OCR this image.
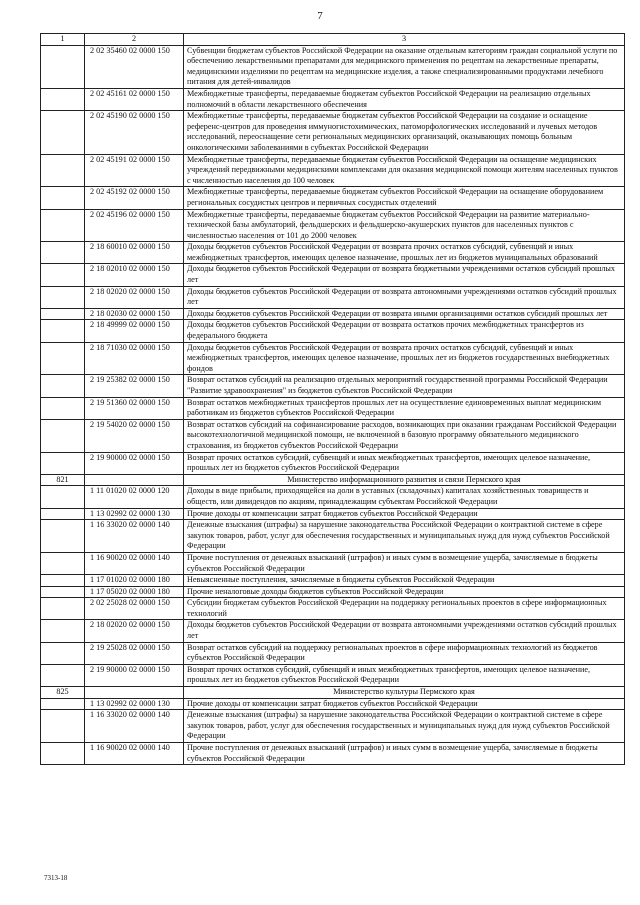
7
1	2	3
	2 02 35460 02 0000 150	Субвенции бюджетам субъектов Российской Федерации на оказание отдельным категориям граждан социальной услуги по обеспечению лекарственными препаратами для медицинского применения по рецептам на лекарственные препараты, медицинскими изделиями по рецептам на медицинские изделия, а также специализированными продуктами лечебного питания для детей-инвалидов
	2 02 45161 02 0000 150	Межбюджетные трансферты, передаваемые бюджетам субъектов Российской Федерации на реализацию отдельных полномочий в области лекарственного обеспечения
	2 02 45190 02 0000 150	Межбюджетные трансферты, передаваемые бюджетам субъектов Российской Федерации на создание и оснащение референс-центров для проведения иммуногистохимических, патоморфологических исследований и лучевых методов исследований, переоснащение сети региональных медицинских организаций, оказывающих помощь больным онкологическими заболеваниями в субъектах Российской Федерации
	2 02 45191 02 0000 150	Межбюджетные трансферты, передаваемые бюджетам субъектов Российской Федерации на оснащение медицинских учреждений передвижными медицинскими комплексами для оказания медицинской помощи жителям населенных пунктов с численностью населения до 100 человек
	2 02 45192 02 0000 150	Межбюджетные трансферты, передаваемые бюджетам субъектов Российской Федерации на оснащение оборудованием региональных сосудистых центров и первичных сосудистых отделений
	2 02 45196 02 0000 150	Межбюджетные трансферты, передаваемые бюджетам субъектов Российской Федерации на развитие материально-технической базы амбулаторий, фельдшерских и фельдшерско-акушерских пунктов для населенных пунктов с численностью населения от 101 до 2000 человек
	2 18 60010 02 0000 150	Доходы бюджетов субъектов Российской Федерации от возврата прочих остатков субсидий, субвенций и иных межбюджетных трансфертов, имеющих целевое назначение, прошлых лет из бюджетов муниципальных образований
	2 18 02010 02 0000 150	Доходы бюджетов субъектов Российской Федерации от возврата бюджетными учреждениями остатков субсидий прошлых лет
	2 18 02020 02 0000 150	Доходы бюджетов субъектов Российской Федерации от возврата автономными учреждениями остатков субсидий прошлых лет
	2 18 02030 02 0000 150	Доходы бюджетов субъектов Российской Федерации от возврата иными организациями остатков субсидий прошлых лет
	2 18 49999 02 0000 150	Доходы бюджетов субъектов Российской Федерации от возврата остатков прочих межбюджетных трансфертов из федерального бюджета
	2 18 71030 02 0000 150	Доходы бюджетов субъектов Российской Федерации от возврата прочих остатков субсидий, субвенций и иных межбюджетных трансфертов, имеющих целевое назначение, прошлых лет из бюджетов государственных внебюджетных фондов
	2 19 25382 02 0000 150	Возврат остатков субсидий на реализацию отдельных мероприятий государственной программы Российской Федерации "Развитие здравоохранения" из бюджетов субъектов Российской Федерации
	2 19 51360 02 0000 150	Возврат остатков межбюджетных трансфертов прошлых лет на осуществление единовременных выплат медицинским работникам из бюджетов субъектов Российской Федерации
	2 19 54020 02 0000 150	Возврат остатков субсидий на софинансирование расходов, возникающих при оказании гражданам Российской Федерации высокотехнологичной медицинской помощи, не включенной в базовую программу обязательного медицинского страхования, из бюджетов субъектов Российской Федерации
	2 19 90000 02 0000 150	Возврат прочих остатков субсидий, субвенций и иных межбюджетных трансфертов, имеющих целевое назначение, прошлых лет из бюджетов субъектов Российской Федерации
821		Министерство информационного развития и связи Пермского края
	1 11 01020 02 0000 120	Доходы в виде прибыли, приходящейся на доли в уставных (складочных) капиталах хозяйственных товариществ и обществ, или дивидендов по акциям, принадлежащим субъектам Российской Федерации
	1 13 02992 02 0000 130	Прочие доходы от компенсации затрат бюджетов субъектов Российской Федерации
	1 16 33020 02 0000 140	Денежные взыскания (штрафы) за нарушение законодательства Российской Федерации о контрактной системе в сфере закупок товаров, работ, услуг для обеспечения государственных и муниципальных нужд для нужд субъектов Российской Федерации
	1 16 90020 02 0000 140	Прочие поступления от денежных взысканий (штрафов) и иных сумм в возмещение ущерба, зачисляемые в бюджеты субъектов Российской Федерации
	1 17 01020 02 0000 180	Невыясненные поступления, зачисляемые в бюджеты субъектов Российской Федерации
	1 17 05020 02 0000 180	Прочие неналоговые доходы бюджетов субъектов Российской Федерации
	2 02 25028 02 0000 150	Субсидии бюджетам субъектов Российской Федерации на поддержку региональных проектов в сфере информационных технологий
	2 18 02020 02 0000 150	Доходы бюджетов субъектов Российской Федерации от возврата автономными учреждениями остатков субсидий прошлых лет
	2 19 25028 02 0000 150	Возврат остатков субсидий на поддержку региональных проектов в сфере информационных технологий из бюджетов субъектов Российской Федерации
	2 19 90000 02 0000 150	Возврат прочих остатков субсидий, субвенций и иных межбюджетных трансфертов, имеющих целевое назначение, прошлых лет из бюджетов субъектов Российской Федерации
825		Министерство культуры Пермского края
	1 13 02992 02 0000 130	Прочие доходы от компенсации затрат бюджетов субъектов Российской Федерации
	1 16 33020 02 0000 140	Денежные взыскания (штрафы) за нарушение законодательства Российской Федерации о контрактной системе в сфере закупок товаров, работ, услуг для обеспечения государственных и муниципальных нужд для нужд субъектов Российской Федерации
	1 16 90020 02 0000 140	Прочие поступления от денежных взысканий (штрафов) и иных сумм в возмещение ущерба, зачисляемые в бюджеты субъектов Российской Федерации
7313-18
